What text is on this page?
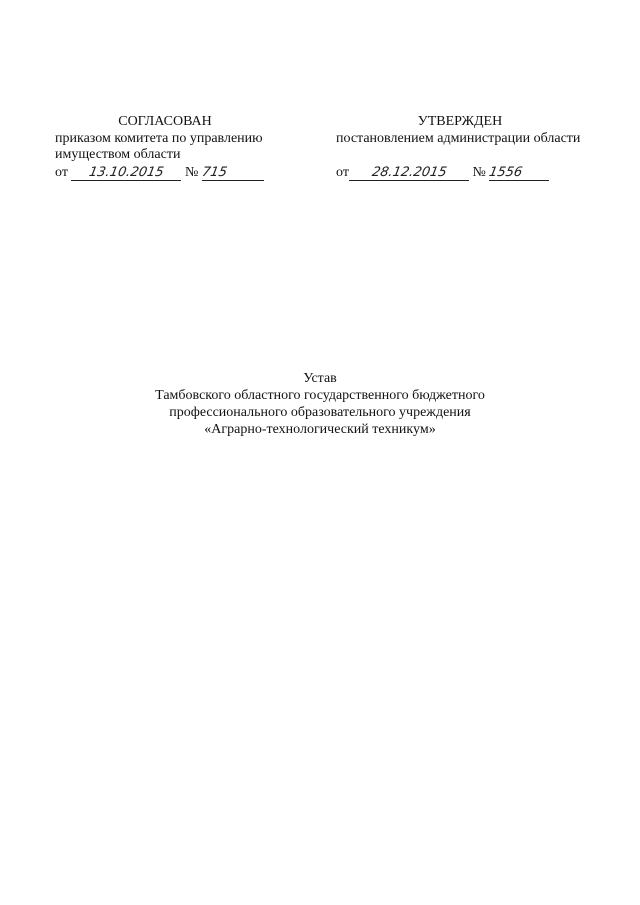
СОГЛАСОВАН
приказом комитета по управлению
имуществом области
от 13.10.2015 № 715
УТВЕРЖДЕН
постановлением администрации области
от 28.12.2015 № 1556
Устав
Тамбовского областного государственного бюджетного
профессионального образовательного учреждения
«Аграрно-технологический техникум»
